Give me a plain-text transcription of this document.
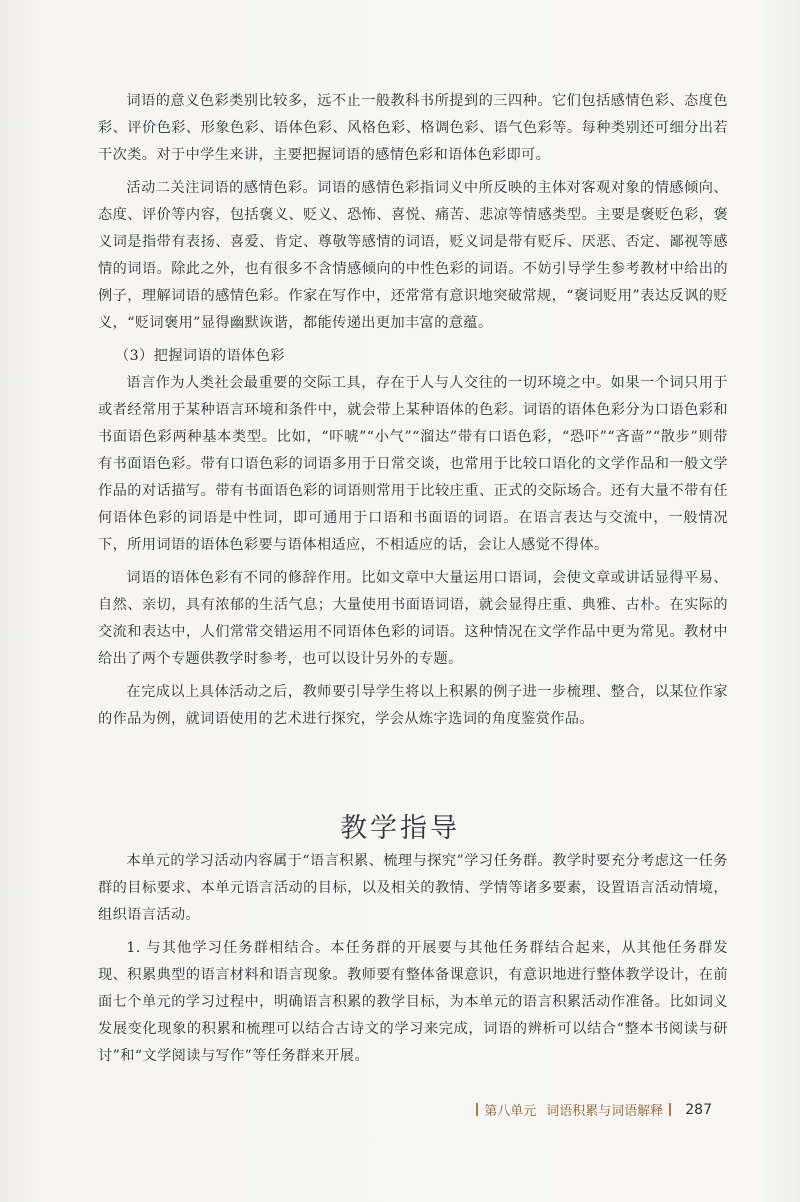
词语的意义色彩类别比较多，远不止一般教科书所提到的三四种。它们包括感情色彩、态度色彩、评价色彩、形象色彩、语体色彩、风格色彩、格调色彩、语气色彩等。每种类别还可细分出若干次类。对于中学生来讲，主要把握词语的感情色彩和语体色彩即可。

活动二关注词语的感情色彩。词语的感情色彩指词义中所反映的主体对客观对象的情感倾向、态度、评价等内容，包括褒义、贬义、恐怖、喜悦、痛苦、悲凉等情感类型。主要是褒贬色彩，褒义词是指带有表扬、喜爱、肯定、尊敬等感情的词语，贬义词是带有贬斥、厌恶、否定、鄙视等感情的词语。除此之外，也有很多不含情感倾向的中性色彩的词语。不妨引导学生参考教材中给出的例子，理解词语的感情色彩。作家在写作中，还常常有意识地突破常规，“褒词贬用”表达反讽的贬义，“贬词褒用”显得幽默诙谐，都能传递出更加丰富的意蕴。

（3）把握词语的语体色彩

语言作为人类社会最重要的交际工具，存在于人与人交往的一切环境之中。如果一个词只用于或者经常用于某种语言环境和条件中，就会带上某种语体的色彩。词语的语体色彩分为口语色彩和书面语色彩两种基本类型。比如，“吓唬”“小气”“溜达”带有口语色彩，“恐吓”“吝啬”“散步”则带有书面语色彩。带有口语色彩的词语多用于日常交谈，也常用于比较口语化的文学作品和一般文学作品的对话描写。带有书面语色彩的词语则常用于比较庄重、正式的交际场合。还有大量不带有任何语体色彩的词语是中性词，即可通用于口语和书面语的词语。在语言表达与交流中，一般情况下，所用词语的语体色彩要与语体相适应，不相适应的话，会让人感觉不得体。

词语的语体色彩有不同的修辞作用。比如文章中大量运用口语词，会使文章或讲话显得平易、自然、亲切，具有浓郁的生活气息；大量使用书面语词语，就会显得庄重、典雅、古朴。在实际的交流和表达中，人们常常交错运用不同语体色彩的词语。这种情况在文学作品中更为常见。教材中给出了两个专题供教学时参考，也可以设计另外的专题。

在完成以上具体活动之后，教师要引导学生将以上积累的例子进一步梳理、整合，以某位作家的作品为例，就词语使用的艺术进行探究，学会从炼字选词的角度鉴赏作品。

教学指导

本单元的学习活动内容属于“语言积累、梳理与探究”学习任务群。教学时要充分考虑这一任务群的目标要求、本单元语言活动的目标，以及相关的教情、学情等诸多要素，设置语言活动情境，组织语言活动。

1. 与其他学习任务群相结合。本任务群的开展要与其他任务群结合起来，从其他任务群发现、积累典型的语言材料和语言现象。教师要有整体备课意识，有意识地进行整体教学设计，在前面七个单元的学习过程中，明确语言积累的教学目标，为本单元的语言积累活动作准备。比如词义发展变化现象的积累和梳理可以结合古诗文的学习来完成，词语的辨析可以结合“整本书阅读与研讨”和“文学阅读与写作”等任务群来开展。

第八单元 词语积累与词语解释 287
